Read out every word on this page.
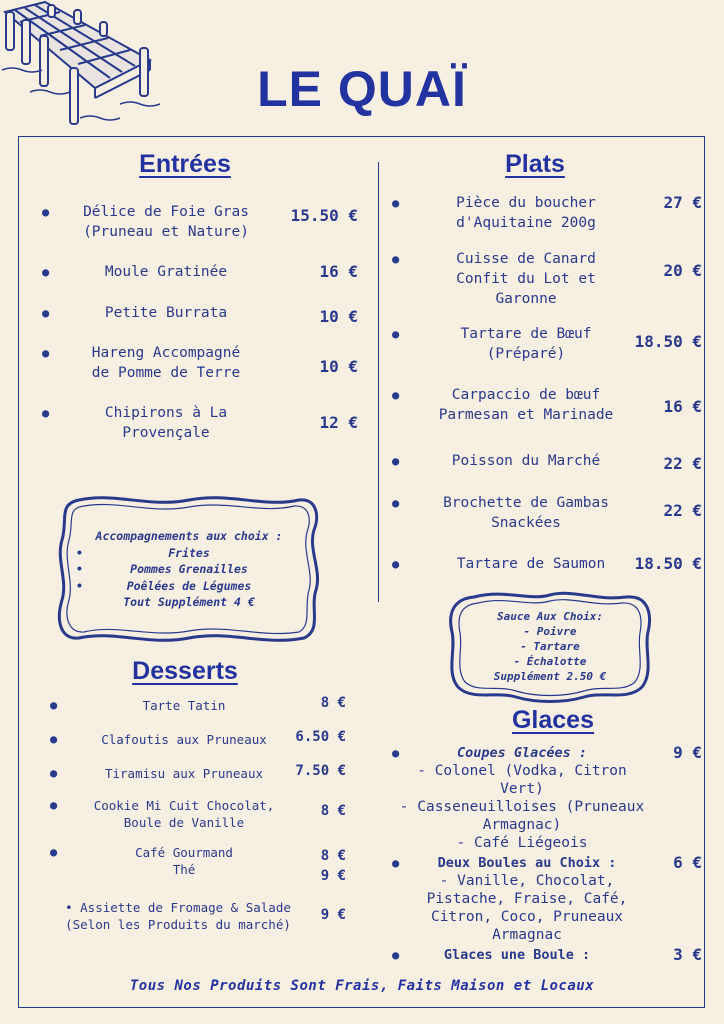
LE QUAÏ
Entrées
●	Délice de Foie Gras
(Pruneau et Nature)
15.50 €
●	Moule Gratinée	16 €
●	Petite Burrata	10 €
●	Hareng Accompagné
de Pomme de Terre	10 €
●	Chipirons à La
Provençale
12 €
Accompagnements aux choix :
•	Frites
•	Pommes Grenailles
•	Poêlées de Légumes
Tout Supplément 4 €
Desserts
●	Tarte Tatin	8 €
●	Clafoutis aux Pruneaux	6.50 €
●	Tiramisu aux Pruneaux	7.50 €
●	Cookie Mi Cuit Chocolat,
Boule de Vanille
8 €
●	Café Gourmand
Thé
8 €
9 €
• Assiette de Fromage & Salade
(Selon les Produits du marché)
9 €
Plats
●	Pièce du boucher
d'Aquitaine 200g
27 €
●	Cuisse de Canard
Confit du Lot et
Garonne
20 €
●	Tartare de Bœuf
(Préparé)
18.50 €
●	Carpaccio de bœuf
Parmesan et Marinade	16 €
●	Poisson du Marché	22 €
●	Brochette de Gambas
Snackées
22 €
●	Tartare de Saumon	18.50 €
Sauce Aux Choix:
- Poivre
- Tartare
- Échalotte
Supplément 2.50 €
Glaces
●	Coupes Glacées :	9 €
- Colonel (Vodka, Citron
Vert)
- Casseneuilloises (Pruneaux
Armagnac)
- Café Liégeois
●	Deux Boules au Choix :	6 €
- Vanille, Chocolat,
Pistache, Fraise, Café,
Citron, Coco, Pruneaux
Armagnac
●	Glaces une Boule :	3 €
Tous Nos Produits Sont Frais, Faits Maison et Locaux
